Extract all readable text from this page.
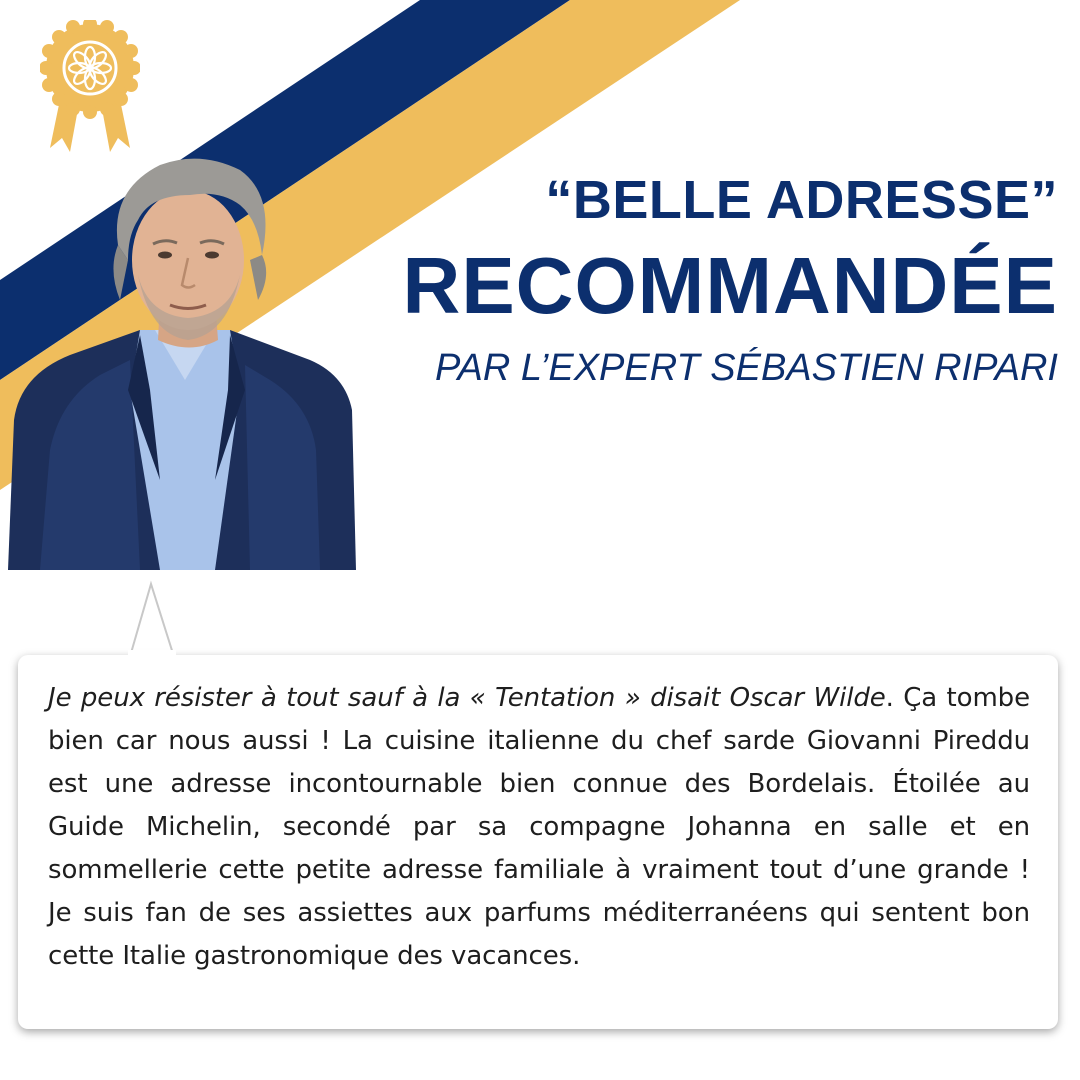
“BELLE ADRESSE”
RECOMMANDÉE
PAR L’EXPERT SÉBASTIEN RIPARI

Je peux résister à tout sauf à la « Tentation » disait Oscar Wilde. Ça tombe bien car nous aussi ! La cuisine italienne du chef sarde Giovanni Pireddu est une adresse incontournable bien connue des Bordelais. Étoilée au Guide Michelin, secondé par sa compagne Johanna en salle et en sommellerie cette petite adresse familiale à vraiment tout d’une grande ! Je suis fan de ses assiettes aux parfums méditerranéens qui sentent bon cette Italie gastronomique des vacances.
